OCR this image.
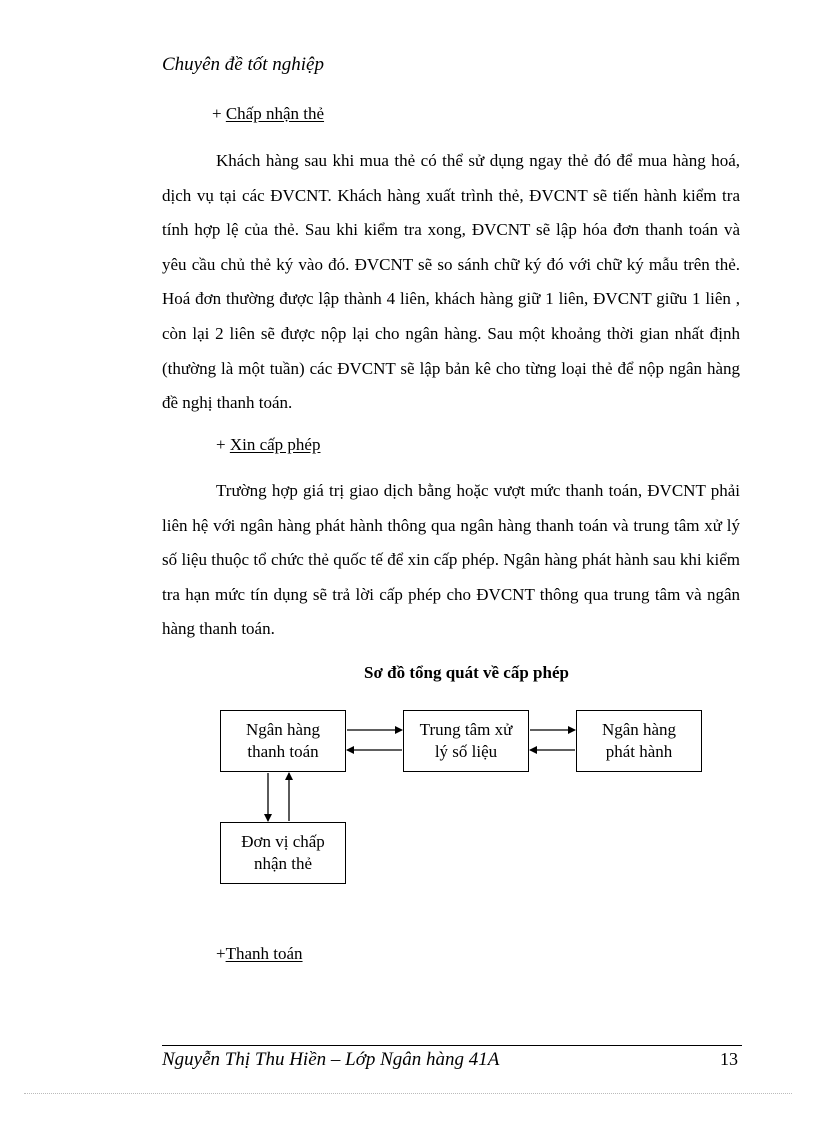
Chuyên đề tốt nghiệp
+ Chấp nhận thẻ

Khách hàng sau khi mua thẻ có thể sử dụng ngay thẻ đó để mua hàng hoá, dịch vụ tại các ĐVCNT. Khách hàng xuất trình thẻ, ĐVCNT sẽ tiến hành kiểm tra tính hợp lệ của thẻ. Sau khi kiểm tra xong, ĐVCNT sẽ lập hóa đơn thanh toán và yêu cầu chủ thẻ ký vào đó. ĐVCNT sẽ so sánh chữ ký đó với chữ ký mẫu trên thẻ. Hoá đơn thường được lập thành 4 liên, khách hàng giữ 1 liên, ĐVCNT giữu 1 liên , còn lại 2 liên sẽ được nộp lại cho ngân hàng. Sau một khoảng thời gian nhất định (thường là một tuần) các ĐVCNT sẽ lập bản kê cho từng loại thẻ để nộp ngân hàng đề nghị thanh toán.

+ Xin cấp phép

Trường hợp giá trị giao dịch bằng hoặc vượt mức thanh toán, ĐVCNT phải liên hệ với ngân hàng phát hành thông qua ngân hàng thanh toán và trung tâm xử lý số liệu thuộc tổ chức thẻ quốc tế để xin cấp phép. Ngân hàng phát hành sau khi kiểm tra hạn mức tín dụng sẽ trả lời cấp phép cho ĐVCNT thông qua trung tâm và ngân hàng thanh toán.

Sơ đồ tổng quát về cấp phép
Ngân hàng
thanh toán
Trung tâm xử
lý số liệu
Ngân hàng
phát hành
Đơn vị chấp
nhận thẻ
+Thanh toán
Nguyễn Thị Thu Hiền – Lớp Ngân hàng 41A	13
